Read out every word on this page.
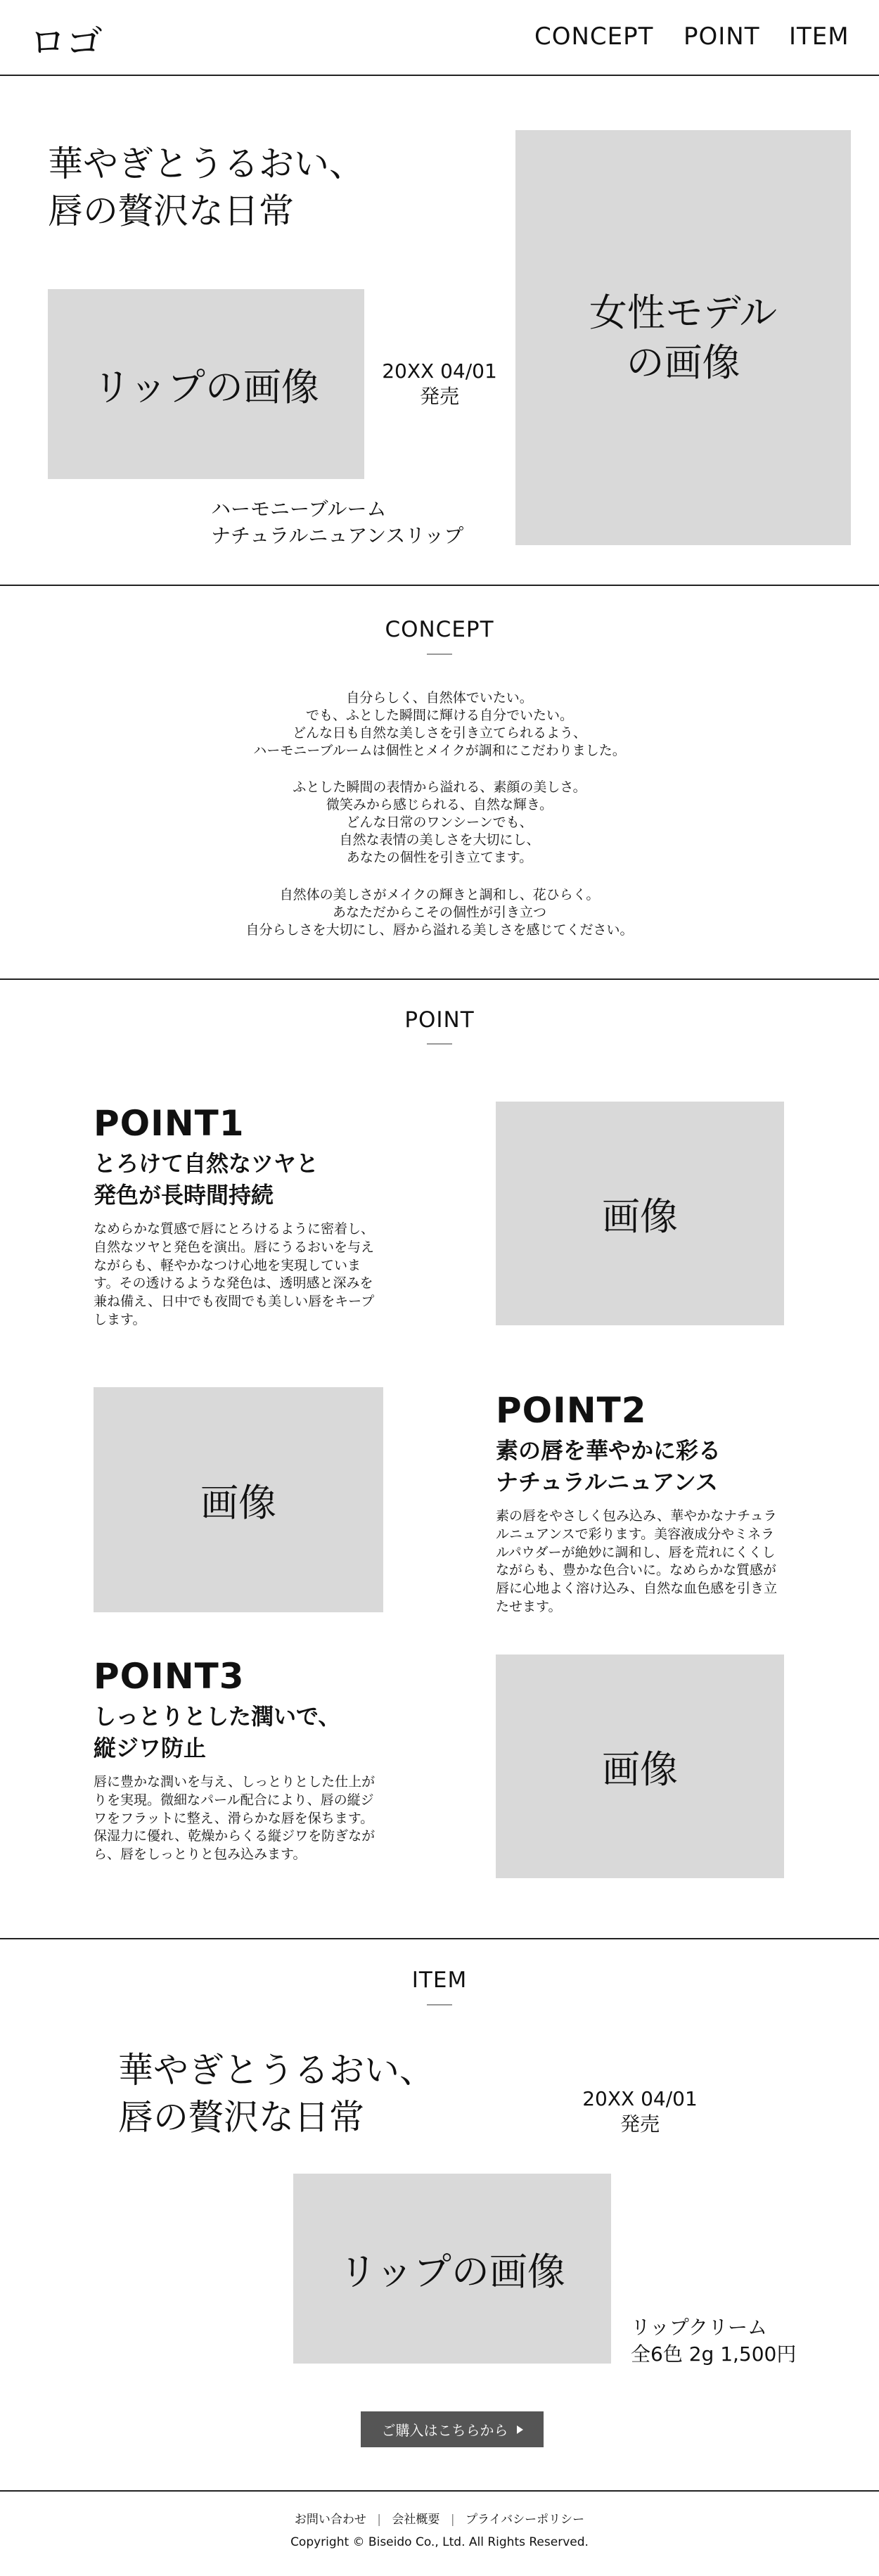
ロゴ	CONCEPT POINT ITEM
華やぎとうるおい、
唇の贅沢な日常
リップの画像	20XX 04/01
発売
ハーモニーブルーム
ナチュラルニュアンスリップ
女性モデル
の画像
CONCEPT
自分らしく、自然体でいたい。
でも、ふとした瞬間に輝ける自分でいたい。
どんな日も自然な美しさを引き立てられるよう、
ハーモニーブルームは個性とメイクが調和にこだわりました。
ふとした瞬間の表情から溢れる、素顔の美しさ。
微笑みから感じられる、自然な輝き。
どんな日常のワンシーンでも、
自然な表情の美しさを大切にし、
あなたの個性を引き立てます。
自然体の美しさがメイクの輝きと調和し、花ひらく。
あなただからこその個性が引き立つ
自分らしさを大切にし、唇から溢れる美しさを感じてください。
POINT
POINT1
とろけて自然なツヤと
発色が長時間持続
なめらかな質感で唇にとろけるように密着し、
自然なツヤと発色を演出。唇にうるおいを与え
ながらも、軽やかなつけ心地を実現していま
す。その透けるような発色は、透明感と深みを
兼ね備え、日中でも夜間でも美しい唇をキープ
します。
画像
画像
POINT2
素の唇を華やかに彩る
ナチュラルニュアンス
素の唇をやさしく包み込み、華やかなナチュラ
ルニュアンスで彩ります。美容液成分やミネラ
ルパウダーが絶妙に調和し、唇を荒れにくくし
ながらも、豊かな色合いに。なめらかな質感が
唇に心地よく溶け込み、自然な血色感を引き立
たせます。
POINT3
しっとりとした潤いで、
縦ジワ防止
唇に豊かな潤いを与え、しっとりとした仕上が
りを実現。微細なパール配合により、唇の縦ジ
ワをフラットに整え、滑らかな唇を保ちます。
保湿力に優れ、乾燥からくる縦ジワを防ぎなが
ら、唇をしっとりと包み込みます。
画像
ITEM
華やぎとうるおい、
唇の贅沢な日常	20XX 04/01
発売
リップの画像
リップクリーム
全6色 2g 1,500円
ご購入はこちらから
お問い合わせ | 会社概要 | プライバシーポリシー
Copyright © Biseido Co., Ltd. All Rights Reserved.
